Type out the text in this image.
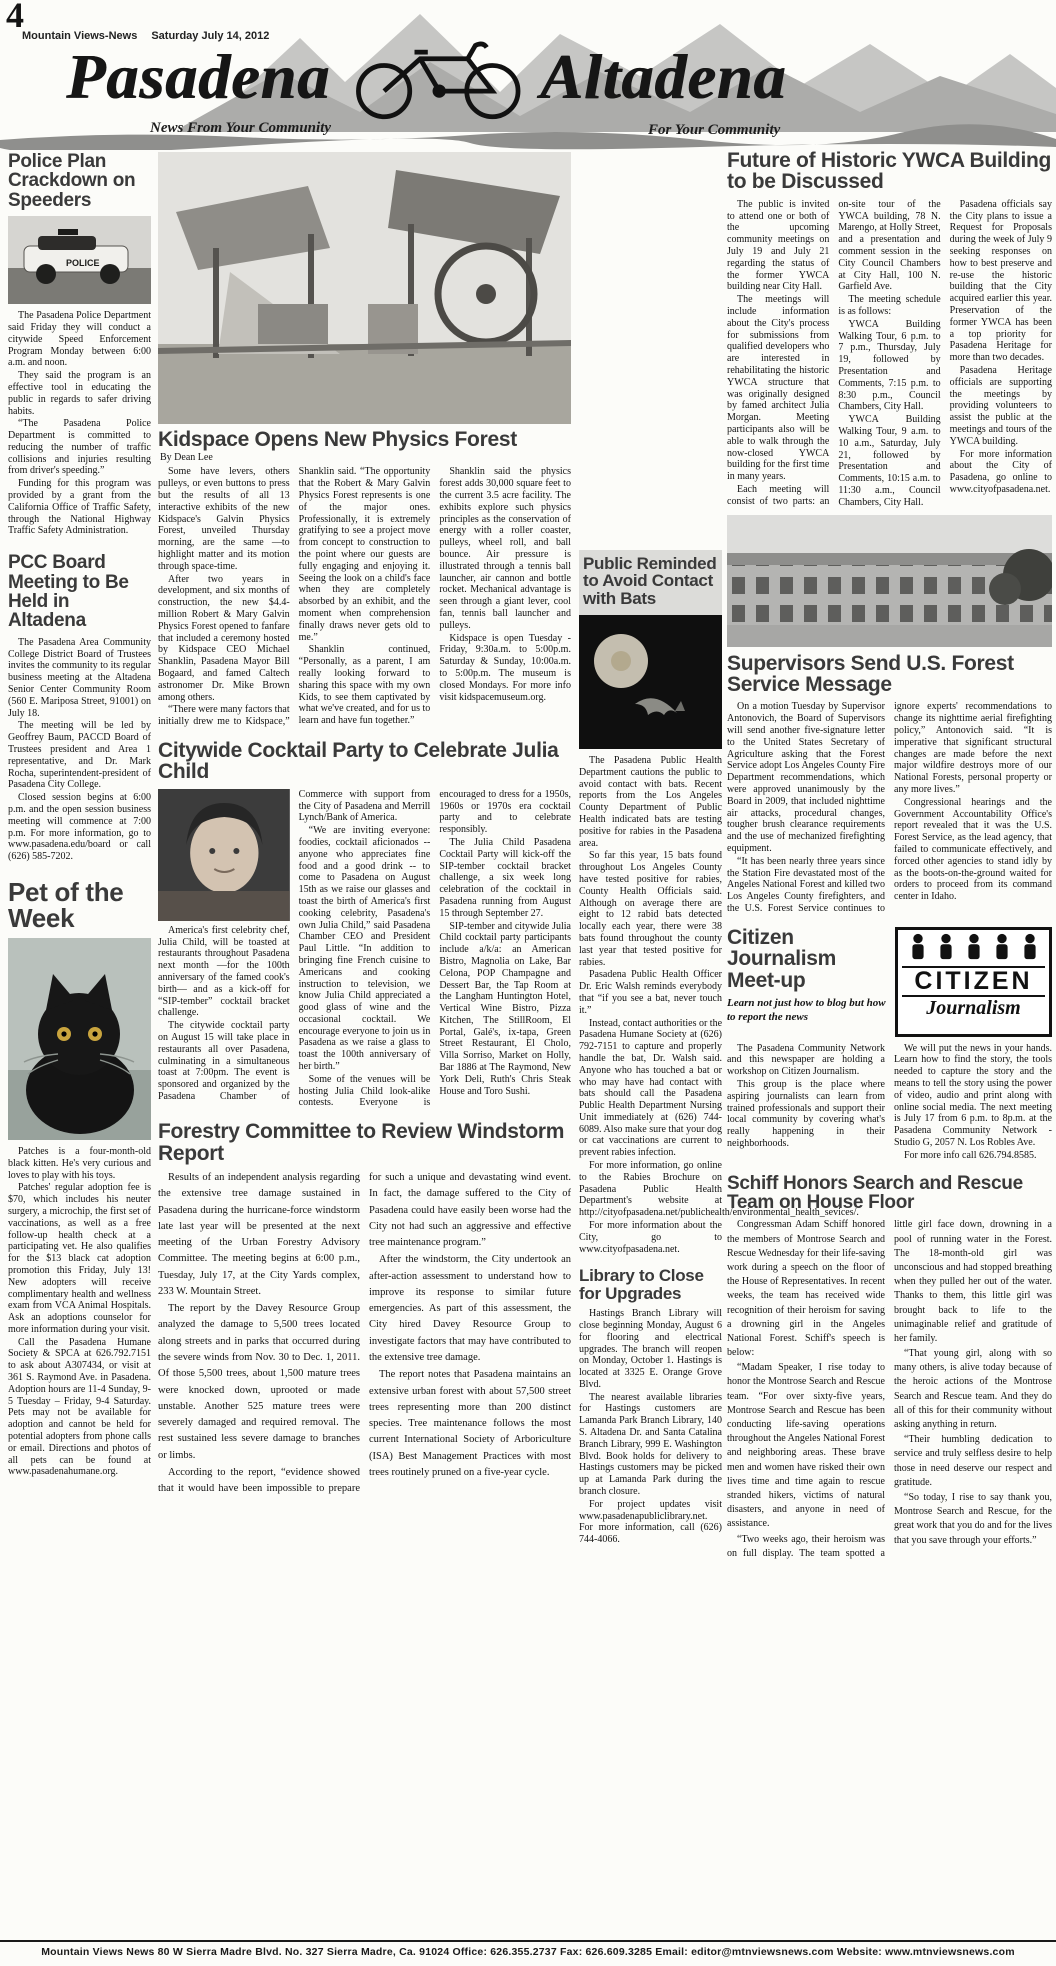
4
Mountain Views-News Saturday July 14, 2012
Pasadena	Altadena
News From Your Community	For Your Community
Police Plan Crackdown on Speeders
POLICE

The Pasadena Police Department said Friday they will conduct a citywide Speed Enforcement Program Monday between 6:00 a.m. and noon.

They said the program is an effective tool in educating the public in regards to safer driving habits.

“The Pasadena Police Department is committed to reducing the number of traffic collisions and injuries resulting from driver's speeding.”

Funding for this program was provided by a grant from the California Office of Traffic Safety, through the National Highway Traffic Safety Administration.

PCC Board Meeting to Be Held in Altadena

The Pasadena Area Community College District Board of Trustees invites the community to its regular business meeting at the Altadena Senior Center Community Room (560 E. Mariposa Street, 91001) on July 18.

The meeting will be led by Geoffrey Baum, PACCD Board of Trustees president and Area 1 representative, and Dr. Mark Rocha, superintendent-president of Pasadena City College.

Closed session begins at 6:00 p.m. and the open session business meeting will commence at 7:00 p.m. For more information, go to www.pasadena.edu/board or call (626) 585-7202.

Pet of the Week

Patches is a four-month-old black kitten. He's very curious and loves to play with his toys.

Patches' regular adoption fee is $70, which includes his neuter surgery, a microchip, the first set of vaccinations, as well as a free follow-up health check at a participating vet. He also qualifies for the $13 black cat adoption promotion this Friday, July 13! New adopters will receive complimentary health and wellness exam from VCA Animal Hospitals. Ask an adoptions counselor for more information during your visit.

Call the Pasadena Humane Society & SPCA at 626.792.7151 to ask about A307434, or visit at 361 S. Raymond Ave. in Pasadena. Adoption hours are 11-4 Sunday, 9-5 Tuesday – Friday, 9-4 Saturday. Pets may not be available for adoption and cannot be held for potential adopters from phone calls or email. Directions and photos of all pets can be found at www.pasadenahumane.org.

Kidspace Opens New Physics Forest
By Dean Lee

Some have levers, others pulleys, or even buttons to press but the results of all 13 interactive exhibits of the new Kidspace's Galvin Physics Forest, unveiled Thursday morning, are the same —to highlight matter and its motion through space-time.

After two years in development, and six months of construction, the new $4.4-million Robert & Mary Galvin Physics Forest opened to fanfare that included a ceremony hosted by Kidspace CEO Michael Shanklin, Pasadena Mayor Bill Bogaard, and famed Caltech astronomer Dr. Mike Brown among others.

“There were many factors that initially drew me to Kidspace,” Shanklin said. “The opportunity that the Robert & Mary Galvin Physics Forest represents is one of the major ones. Professionally, it is extremely gratifying to see a project move from concept to construction to the point where our guests are fully engaging and enjoying it. Seeing the look on a child's face when they are completely absorbed by an exhibit, and the moment when comprehension finally draws never gets old to me.”

Shanklin continued, “Personally, as a parent, I am really looking forward to sharing this space with my own Kids, to see them captivated by what we've created, and for us to learn and have fun together.”

Shanklin said the physics forest adds 30,000 square feet to the current 3.5 acre facility. The exhibits explore such physics principles as the conservation of energy with a roller coaster, pulleys, wheel roll, and ball bounce. Air pressure is illustrated through a tennis ball launcher, air cannon and bottle rocket. Mechanical advantage is seen through a giant lever, cool fan, tennis ball launcher and pulleys.

Kidspace is open Tuesday - Friday, 9:30a.m. to 5:00p.m. Saturday & Sunday, 10:00a.m. to 5:00p.m. The museum is closed Mondays. For more info visit kidspacemuseum.org.

Citywide Cocktail Party to Celebrate Julia Child

America's first celebrity chef, Julia Child, will be toasted at restaurants throughout Pasadena next month —for the 100th anniversary of the famed cook's birth— and as a kick-off for “SIP-tember” cocktail bracket challenge.

The citywide cocktail party on August 15 will take place in restaurants all over Pasadena, culminating in a simultaneous toast at 7:00pm. The event is sponsored and organized by the Pasadena Chamber of Commerce with support from the City of Pasadena and Merrill Lynch/Bank of America.

“We are inviting everyone: foodies, cocktail aficionados -- anyone who appreciates fine food and a good drink -- to come to Pasadena on August 15th as we raise our glasses and toast the birth of America's first cooking celebrity, Pasadena's own Julia Child,” said Pasadena Chamber CEO and President Paul Little. “In addition to bringing fine French cuisine to Americans and cooking instruction to television, we know Julia Child appreciated a good glass of wine and the occasional cocktail. We encourage everyone to join us in Pasadena as we raise a glass to toast the 100th anniversary of her birth.”

Some of the venues will be hosting Julia Child look-alike contests. Everyone is encouraged to dress for a 1950s, 1960s or 1970s era cocktail party and to celebrate responsibly.

The Julia Child Pasadena Cocktail Party will kick-off the SIP-tember cocktail bracket challenge, a six week long celebration of the cocktail in Pasadena running from August 15 through September 27.

SIP-tember and citywide Julia Child cocktail party participants include a/k/a: an American Bistro, Magnolia on Lake, Bar Celona, POP Champagne and Dessert Bar, the Tap Room at the Langham Huntington Hotel, Vertical Wine Bistro, Pizza Kitchen, The StillRoom, El Portal, Galé's, ix-tapa, Green Street Restaurant, El Cholo, Villa Sorriso, Market on Holly, Bar 1886 at The Raymond, New York Deli, Ruth's Chris Steak House and Toro Sushi.

Forestry Committee to Review Windstorm Report

Results of an independent analysis regarding the extensive tree damage sustained in Pasadena during the hurricane-force windstorm late last year will be presented at the next meeting of the Urban Forestry Advisory Committee. The meeting begins at 6:00 p.m., Tuesday, July 17, at the City Yards complex, 233 W. Mountain Street.

The report by the Davey Resource Group analyzed the damage to 5,500 trees located along streets and in parks that occurred during the severe winds from Nov. 30 to Dec. 1, 2011. Of those 5,500 trees, about 1,500 mature trees were knocked down, uprooted or made unstable. Another 525 mature trees were severely damaged and required removal. The rest sustained less severe damage to branches or limbs.

According to the report, “evidence showed that it would have been impossible to prepare for such a unique and devastating wind event. In fact, the damage suffered to the City of Pasadena could have easily been worse had the City not had such an aggressive and effective tree maintenance program.”

After the windstorm, the City undertook an after-action assessment to understand how to improve its response to similar future emergencies. As part of this assessment, the City hired Davey Resource Group to investigate factors that may have contributed to the extensive tree damage.

The report notes that Pasadena maintains an extensive urban forest with about 57,500 street trees representing more than 200 distinct species. Tree maintenance follows the most current International Society of Arboriculture (ISA) Best Management Practices with most trees routinely pruned on a five-year cycle.

Public Reminded to Avoid Contact with Bats

The Pasadena Public Health Department cautions the public to avoid contact with bats. Recent reports from the Los Angeles County Department of Public Health indicated bats are testing positive for rabies in the Pasadena area.

So far this year, 15 bats found throughout Los Angeles County have tested positive for rabies, County Health Officials said. Although on average there are eight to 12 rabid bats detected locally each year, there were 38 bats found throughout the county last year that tested positive for rabies.

Pasadena Public Health Officer Dr. Eric Walsh reminds everybody that “if you see a bat, never touch it.”

Instead, contact authorities or the Pasadena Humane Society at (626) 792-7151 to capture and properly handle the bat, Dr. Walsh said. Anyone who has touched a bat or who may have had contact with bats should call the Pasadena Public Health Department Nursing Unit immediately at (626) 744-6089. Also make sure that your dog or cat vaccinations are current to prevent rabies infection.

For more information, go online to the Rabies Brochure on Pasadena Public Health Department's website at http://cityofpasadena.net/publichealth/environmental_health_sevices/.

For more information about the City, go to www.cityofpasadena.net.

Library to Close for Upgrades

Hastings Branch Library will close beginning Monday, August 6 for flooring and electrical upgrades. The branch will reopen on Monday, October 1. Hastings is located at 3325 E. Orange Grove Blvd.

The nearest available libraries for Hastings customers are Lamanda Park Branch Library, 140 S. Altadena Dr. and Santa Catalina Branch Library, 999 E. Washington Blvd. Book holds for delivery to Hastings customers may be picked up at Lamanda Park during the branch closure.

For project updates visit www.pasadenapubliclibrary.net. For more information, call (626) 744-4066.

Future of Historic YWCA Building to be Discussed

The public is invited to attend one or both of the upcoming community meetings on July 19 and July 21 regarding the status of the former YWCA building near City Hall.

The meetings will include information about the City's process for submissions from qualified developers who are interested in rehabilitating the historic YWCA structure that was originally designed by famed architect Julia Morgan. Meeting participants also will be able to walk through the now-closed YWCA building for the first time in many years.

Each meeting will consist of two parts: an on-site tour of the YWCA building, 78 N. Marengo, at Holly Street, and a presentation and comment session in the City Council Chambers at City Hall, 100 N. Garfield Ave.

The meeting schedule is as follows:

YWCA Building Walking Tour, 6 p.m. to 7 p.m., Thursday, July 19, followed by Presentation and Comments, 7:15 p.m. to 8:30 p.m., Council Chambers, City Hall.

YWCA Building Walking Tour, 9 a.m. to 10 a.m., Saturday, July 21, followed by Presentation and Comments, 10:15 a.m. to 11:30 a.m., Council Chambers, City Hall.

Pasadena officials say the City plans to issue a Request for Proposals during the week of July 9 seeking responses on how to best preserve and re-use the historic building that the City acquired earlier this year. Preservation of the former YWCA has been a top priority for Pasadena Heritage for more than two decades.

Pasadena Heritage officials are supporting the meetings by providing volunteers to assist the public at the meetings and tours of the YWCA building.

For more information about the City of Pasadena, go online to www.cityofpasadena.net.

Supervisors Send U.S. Forest Service Message

On a motion Tuesday by Supervisor Antonovich, the Board of Supervisors will send another five-signature letter to the United States Secretary of Agriculture asking that the Forest Service adopt Los Angeles County Fire Department recommendations, which were approved unanimously by the Board in 2009, that included nighttime air attacks, procedural changes, tougher brush clearance requirements and the use of mechanized firefighting equipment.

“It has been nearly three years since the Station Fire devastated most of the Angeles National Forest and killed two Los Angeles County firefighters, and the U.S. Forest Service continues to ignore experts' recommendations to change its nighttime aerial firefighting policy,” Antonovich said. “It is imperative that significant structural changes are made before the next major wildfire destroys more of our National Forests, personal property or any more lives.”

Congressional hearings and the Government Accountability Office's report revealed that it was the U.S. Forest Service, as the lead agency, that failed to communicate effectively, and forced other agencies to stand idly by as the boots-on-the-ground waited for orders to proceed from its command center in Idaho.

Citizen Journalism Meet-up
Learn not just how to blog but how to report the news
CITIZEN
Journalism

The Pasadena Community Network and this newspaper are holding a workshop on Citizen Journalism.

This group is the place where aspiring journalists can learn from trained professionals and support their local community by covering what's really happening in their neighborhoods.

We will put the news in your hands. Learn how to find the story, the tools needed to capture the story and the means to tell the story using the power of video, audio and print along with online social media. The next meeting is July 17 from 6 p.m. to 8p.m. at the Pasadena Community Network - Studio G, 2057 N. Los Robles Ave.

For more info call 626.794.8585.

Schiff Honors Search and Rescue Team on House Floor

Congressman Adam Schiff honored the members of Montrose Search and Rescue Wednesday for their life-saving work during a speech on the floor of the House of Representatives. In recent weeks, the team has received wide recognition of their heroism for saving a drowning girl in the Angeles National Forest. Schiff's speech is below:

“Madam Speaker, I rise today to honor the Montrose Search and Rescue team. “For over sixty-five years, Montrose Search and Rescue has been conducting life-saving operations throughout the Angeles National Forest and neighboring areas. These brave men and women have risked their own lives time and time again to rescue stranded hikers, victims of natural disasters, and anyone in need of assistance.

“Two weeks ago, their heroism was on full display. The team spotted a little girl face down, drowning in a pool of running water in the Forest. The 18-month-old girl was unconscious and had stopped breathing when they pulled her out of the water. Thanks to them, this little girl was brought back to life to the unimaginable relief and gratitude of her family.

“That young girl, along with so many others, is alive today because of the heroic actions of the Montrose Search and Rescue team. And they do all of this for their community without asking anything in return.

“Their humbling dedication to service and truly selfless desire to help those in need deserve our respect and gratitude.

“So today, I rise to say thank you, Montrose Search and Rescue, for the great work that you do and for the lives that you save through your efforts.”

Mountain Views News 80 W Sierra Madre Blvd. No. 327 Sierra Madre, Ca. 91024 Office: 626.355.2737 Fax: 626.609.3285 Email: editor@mtnviewsnews.com Website: www.mtnviewsnews.com
